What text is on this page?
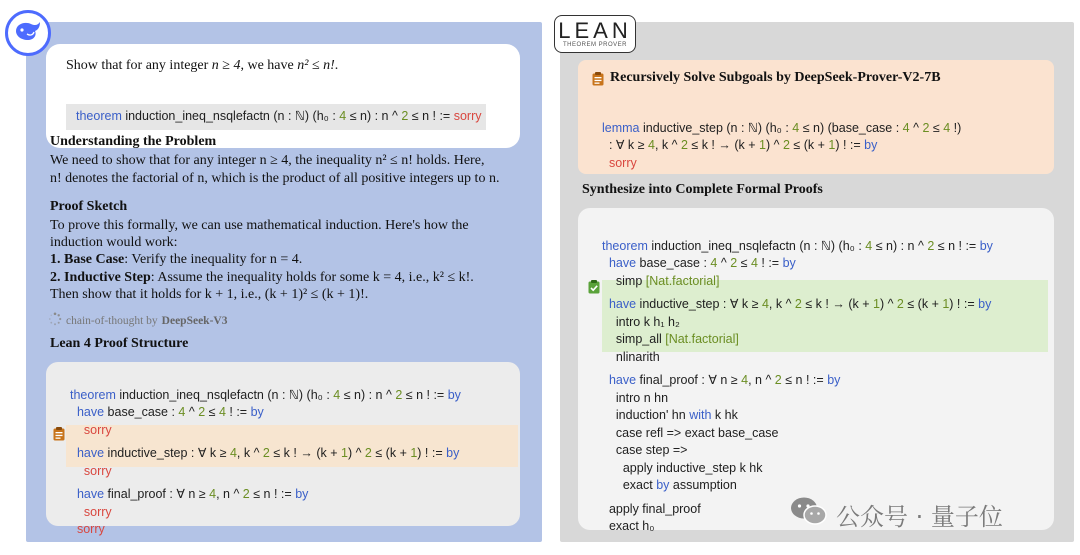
Show that for any integer n ≥ 4, we have n² ≤ n!.
theorem induction_ineq_nsqlefactn (n : ℕ) (h₀ : 4 ≤ n) : n ^ 2 ≤ n ! := sorry
Understanding the Problem
We need to show that for any integer n ≥ 4, the inequality n² ≤ n! holds. Here,
n! denotes the factorial of n, which is the product of all positive integers up to n.
Proof Sketch
To prove this formally, we can use mathematical induction. Here's how the
induction would work:
1. Base Case: Verify the inequality for n = 4.
2. Inductive Step: Assume the inequality holds for some k = 4, i.e., k² ≤ k!.
Then show that it holds for k + 1, i.e., (k + 1)² ≤ (k + 1)!.
chain-of-thought by DeepSeek-V3
Lean 4 Proof Structure

theorem induction_ineq_nsqlefactn (n : ℕ) (h₀ : 4 ≤ n) : n ^ 2 ≤ n ! := by
have base_case : 4 ^ 2 ≤ 4 ! := by
sorry
have inductive_step : ∀ k ≥ 4, k ^ 2 ≤ k ! → (k + 1) ^ 2 ≤ (k + 1) ! := by
sorry
have final_proof : ∀ n ≥ 4, n ^ 2 ≤ n ! := by
sorry
sorry

Recursively Solve Subgoals by DeepSeek-Prover-V2-7B

lemma inductive_step (n : ℕ) (h₀ : 4 ≤ n) (base_case : 4 ^ 2 ≤ 4 !)
: ∀ k ≥ 4, k ^ 2 ≤ k ! → (k + 1) ^ 2 ≤ (k + 1) ! := by
sorry

Synthesize into Complete Formal Proofs

theorem induction_ineq_nsqlefactn (n : ℕ) (h₀ : 4 ≤ n) : n ^ 2 ≤ n ! := by
have base_case : 4 ^ 2 ≤ 4 ! := by
simp [Nat.factorial]
have inductive_step : ∀ k ≥ 4, k ^ 2 ≤ k ! → (k + 1) ^ 2 ≤ (k + 1) ! := by
intro k h₁ h₂
simp_all [Nat.factorial]
nlinarith
have final_proof : ∀ n ≥ 4, n ^ 2 ≤ n ! := by
intro n hn
induction' hn with k hk
case refl => exact base_case
case step =>
apply inductive_step k hk
exact by assumption
apply final_proof
exact h₀

LEAN
THEOREM PROVER
公众号 · 量子位
